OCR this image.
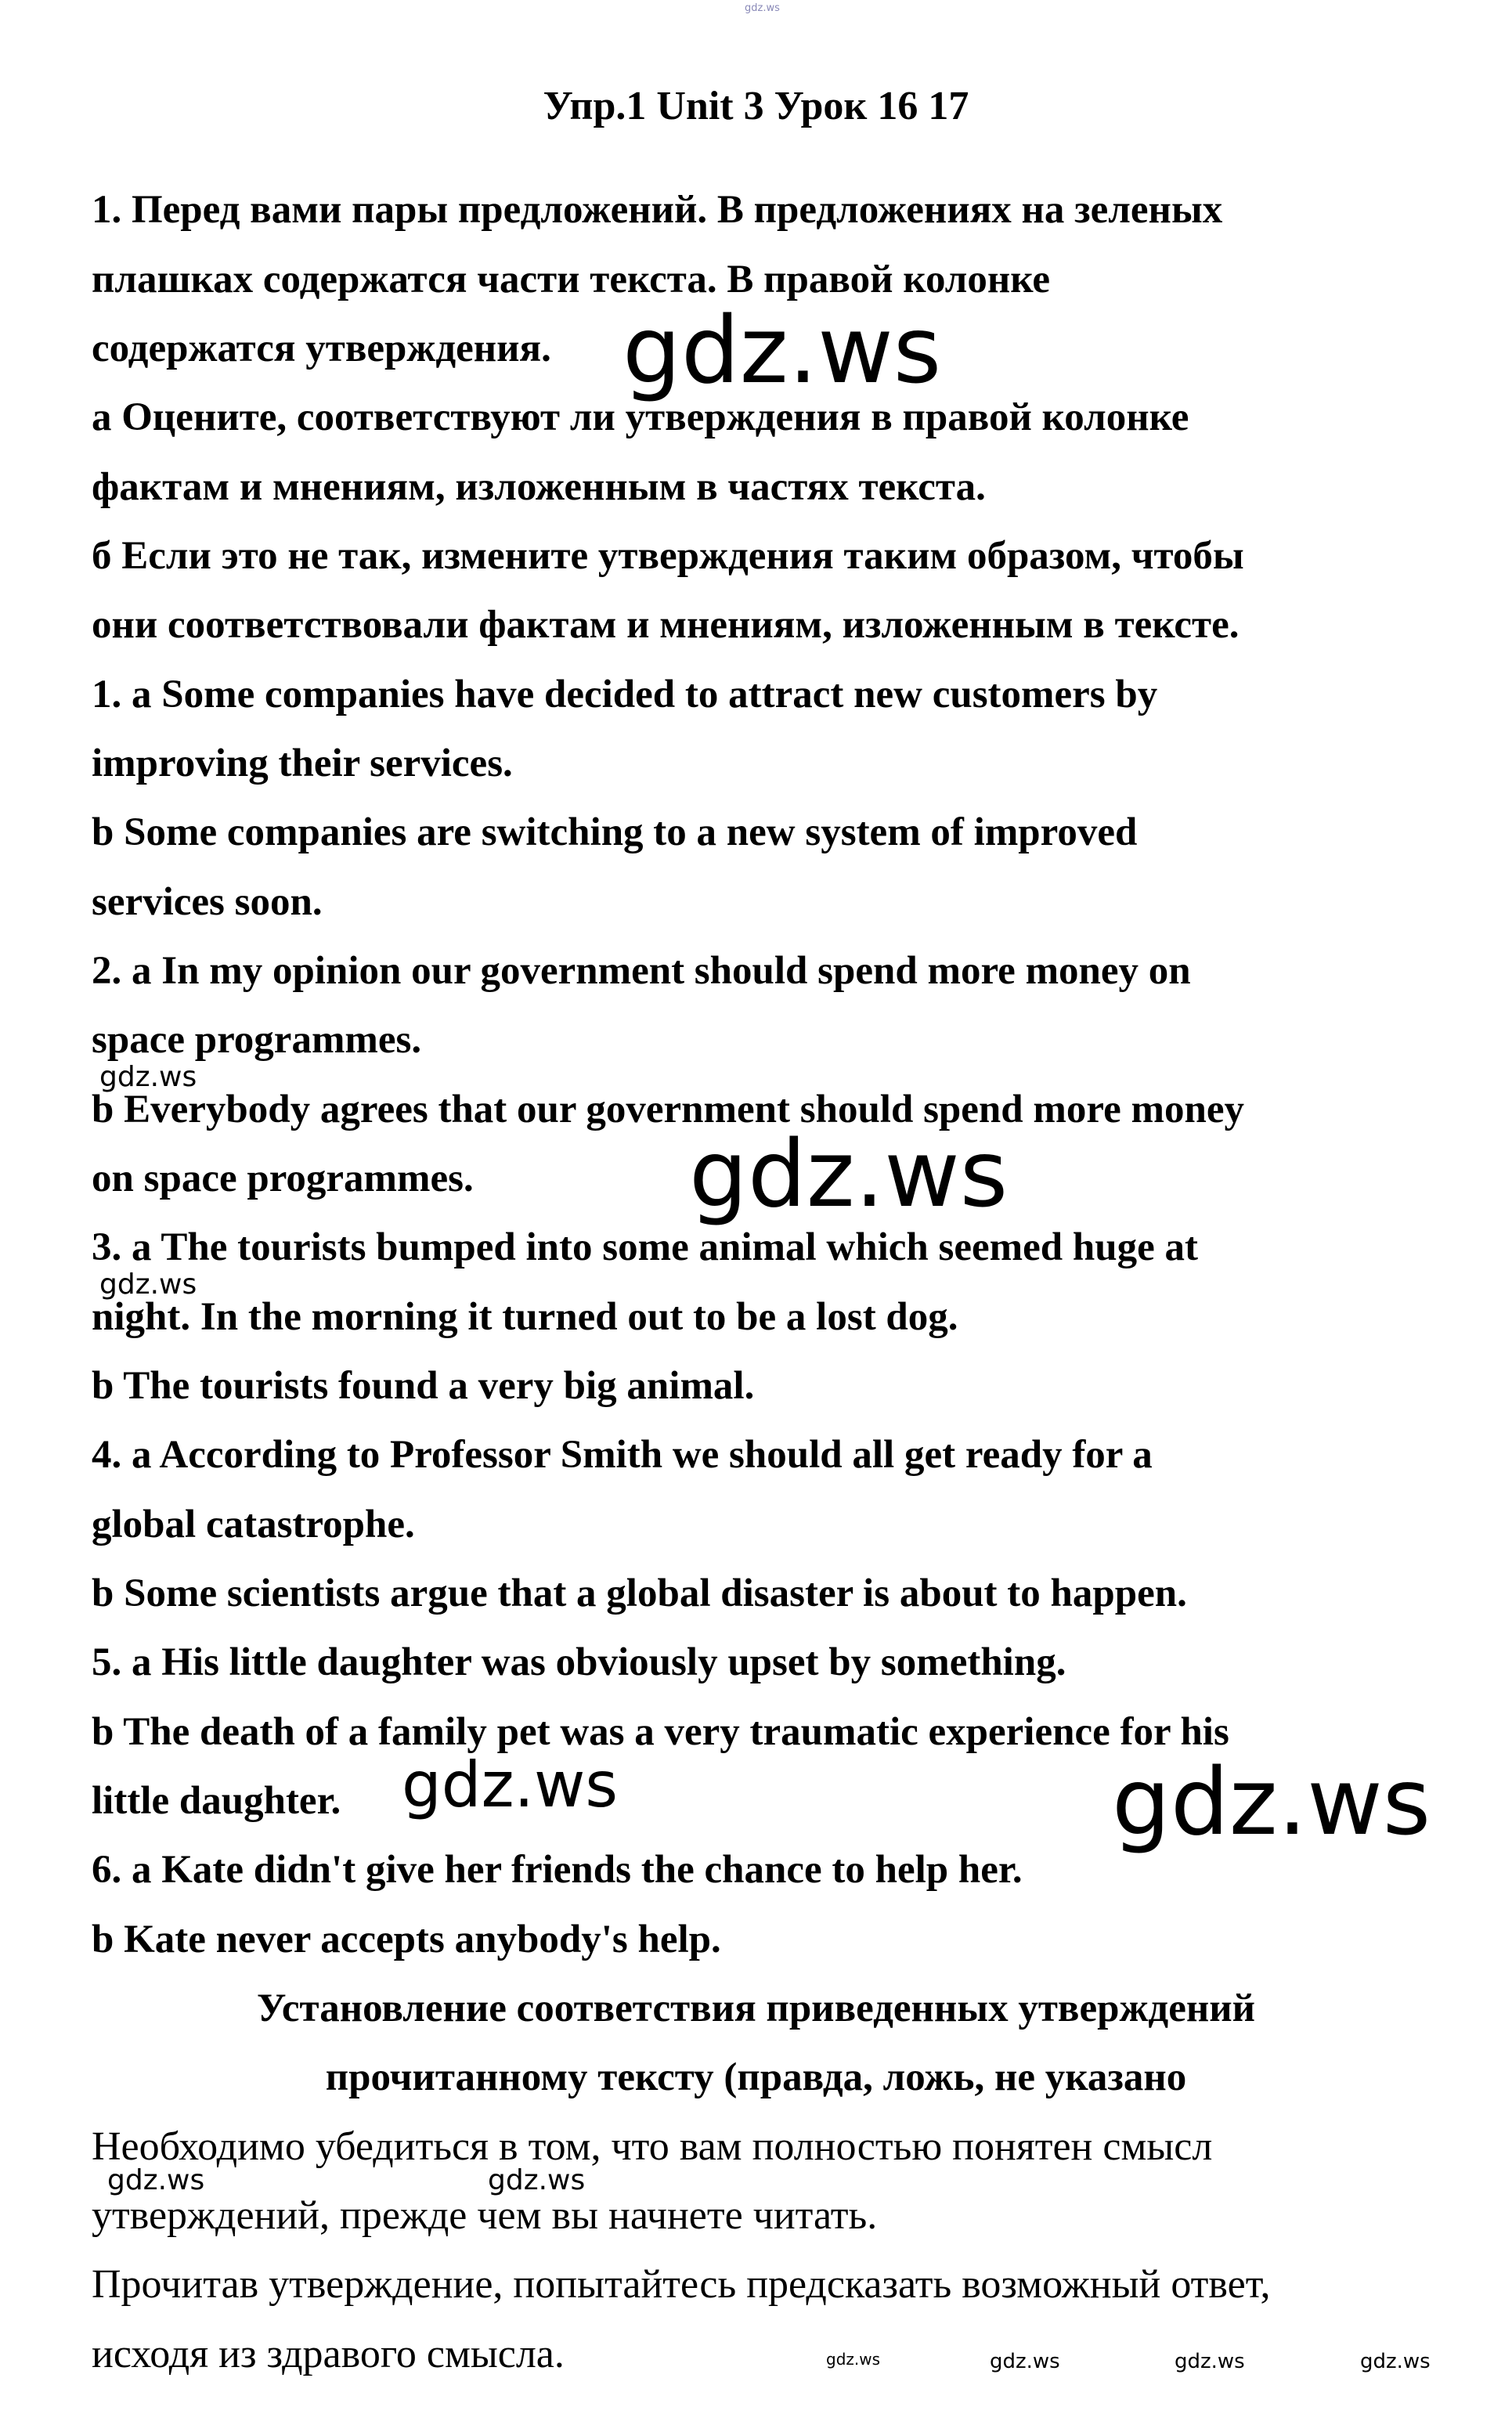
gdz.ws
Упр.1 Unit 3 Урок 16 17

1. Перед вами пары предложений. В предложениях на зеленых

плашках содержатся части текста. В правой колонке

содержатся утверждения.

а Оцените, соответствуют ли утверждения в правой колонке

фактам и мнениям, изложенным в частях текста.

б Если это не так, измените утверждения таким образом, чтобы

они соответствовали фактам и мнениям, изложенным в тексте.

1. a Some companies have decided to attract new customers by

improving their services.

b Some companies are switching to a new system of improved

services soon.

2. a In my opinion our government should spend more money on

space programmes.

b Everybody agrees that our government should spend more money

on space programmes.

3. a The tourists bumped into some animal which seemed huge at

night. In the morning it turned out to be a lost dog.

b The tourists found a very big animal.

4. a According to Professor Smith we should all get ready for a

global catastrophe.

b Some scientists argue that a global disaster is about to happen.

5. a His little daughter was obviously upset by something.

b The death of a family pet was a very traumatic experience for his

little daughter.

6. a Kate didn't give her friends the chance to help her.

b Kate never accepts anybody's help.

Установление соответствия приведенных утверждений

прочитанному тексту (правда, ложь, не указано

Необходимо убедиться в том, что вам полностью понятен смысл

утверждений, прежде чем вы начнете читать.

Прочитав утверждение, попытайтесь предсказать возможный ответ,

исходя из здравого смысла.

gdz.ws
gdz.ws
gdz.ws
gdz.ws
gdz.ws
gdz.ws
gdz.ws	gdz.ws
gdz.ws	gdz.ws	gdz.ws
gdz.ws
